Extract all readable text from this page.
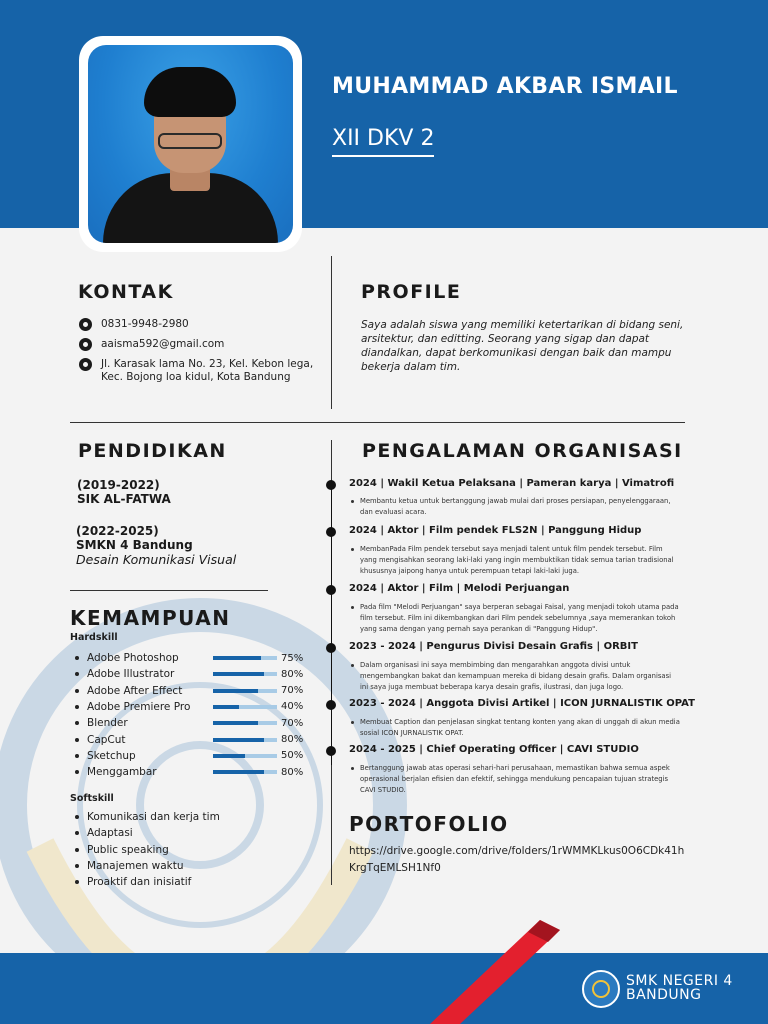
MUHAMMAD AKBAR ISMAIL
XII DKV 2
KONTAK
0831-9948-2980
aaisma592@gmail.com
Jl. Karasak lama No. 23, Kel. Kebon lega,
Kec. Bojong loa kidul, Kota Bandung
PROFILE
Saya adalah siswa yang memiliki ketertarikan di bidang seni, arsitektur, dan editting. Seorang yang sigap dan dapat diandalkan, dapat berkomunikasi dengan baik dan mampu bekerja dalam tim.
PENDIDIKAN
(2019-2022)
SIK AL-FATWA
(2022-2025)
SMKN 4 Bandung
Desain Komunikasi Visual
KEMAMPUAN
Hardskill
Adobe Photoshop	75%
Adobe Illustrator	80%
Adobe After Effect	70%
Adobe Premiere Pro	40%
Blender	70%
CapCut	80%
Sketchup	50%
Menggambar	80%
Softskill
Komunikasi dan kerja tim
Adaptasi
Public speaking
Manajemen waktu
Proaktif dan inisiatif
PENGALAMAN ORGANISASI
2024 | Wakil Ketua Pelaksana | Pameran karya | Vimatrofi
Membantu ketua untuk bertanggung jawab mulai dari proses persiapan, penyelenggaraan, dan evaluasi acara.
2024 | Aktor | Film pendek FLS2N | Panggung Hidup
MembanPada Film pendek tersebut saya menjadi talent untuk film pendek tersebut. Film yang mengisahkan seorang laki-laki yang ingin membuktikan tidak semua tarian tradisional khususnya jaipong hanya untuk perempuan tetapi laki-laki juga.
2024 | Aktor | Film | Melodi Perjuangan
Pada film "Melodi Perjuangan" saya berperan sebagai Faisal, yang menjadi tokoh utama pada film tersebut. Film ini dikembangkan dari Film pendek sebelumnya ,saya memerankan tokoh yang sama dengan yang pernah saya perankan di "Panggung Hidup".
2023 - 2024 | Pengurus Divisi Desain Grafis | ORBIT
Dalam organisasi ini saya membimbing dan mengarahkan anggota divisi untuk mengembangkan bakat dan kemampuan mereka di bidang desain grafis. Dalam organisasi ini saya juga membuat beberapa karya desain grafis, ilustrasi, dan juga logo.
2023 - 2024 | Anggota Divisi Artikel | ICON JURNALISTIK OPAT
Membuat Caption dan penjelasan singkat tentang konten yang akan di unggah di akun media sosial ICON JURNALISTIK OPAT.
2024 - 2025 | Chief Operating Officer | CAVI STUDIO
Bertanggung jawab atas operasi sehari-hari perusahaan, memastikan bahwa semua aspek operasional berjalan efisien dan efektif, sehingga mendukung pencapaian tujuan strategis CAVI STUDIO.
PORTOFOLIO
https://drive.google.com/drive/folders/1rWMMKLkus0O6CDk41hKrgTqEMLSH1Nf0
SMK NEGERI 4
BANDUNG
